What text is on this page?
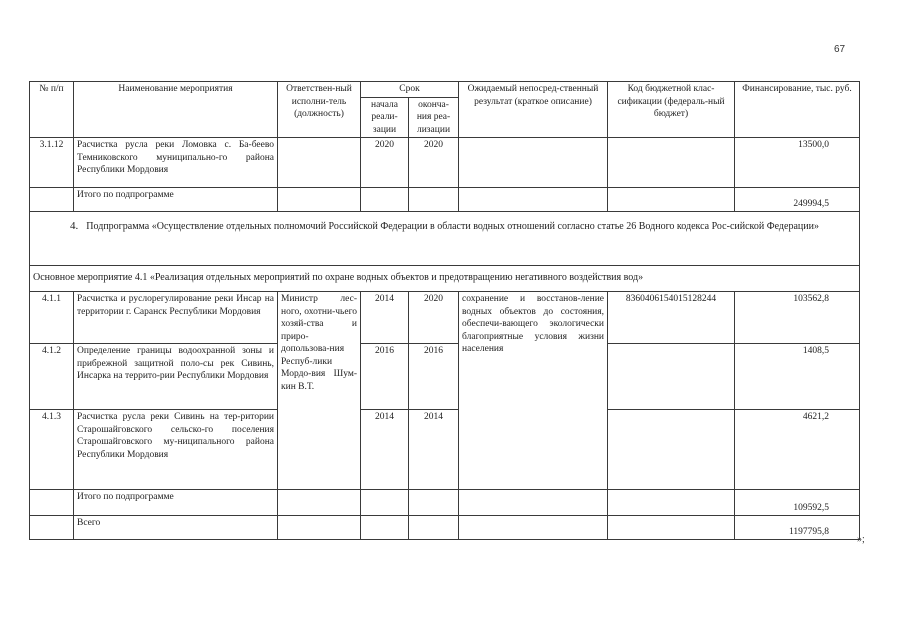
67
№ п/п	Наименование мероприятия	Ответствен-ный исполни-тель (должность)	Срок		Ожидаемый непосред-ственный результат (краткое описание)	Код бюджетной клас-сификации (федераль-ный бюджет)	Финансирование, тыс. руб.
			начала реали-зации	оконча-ния реа-лизации			
3.1.12	Расчистка русла реки Ломовка с. Ба-беево Темниковского муниципально-го района Республики Мордовия		2020	2020			13500,0
	Итого по подпрограмме						249994,5
4. Подпрограмма «Осуществление отдельных полномочий Российской Федерации в области водных отношений согласно статье 26 Водного кодекса Рос-сийской Федерации»							
Основное мероприятие 4.1 «Реализация отдельных мероприятий по охране водных объектов и предотвращению негативного воздействия вод»							
4.1.1	Расчистка и руслорегулирование реки Инсар на территории г. Саранск Республики Мордовия	Министр лес-ного, охотни-чьего хозяй-ства и приро-допользова-ния Респуб-лики Мордо-вия Шум-кин В.Т.	2014	2020	сохранение и восстанов-ление водных объектов до состояния, обеспечи-вающего экологически благоприятные условия жизни населения	8360406154015128244	103562,8
4.1.2	Определение границы водоохранной зоны и прибрежной защитной поло-сы рек Сивинь, Инсарка на террито-рии Республики Мордовия		2016	2016			1408,5
4.1.3	Расчистка русла реки Сивинь на тер-ритории Старошайговского сельско-го поселения Старошайговского му-ниципального района Республики Мордовия		2014	2014			4621,2
	Итого по подпрограмме						109592,5
	Всего						1197795,8
»;
